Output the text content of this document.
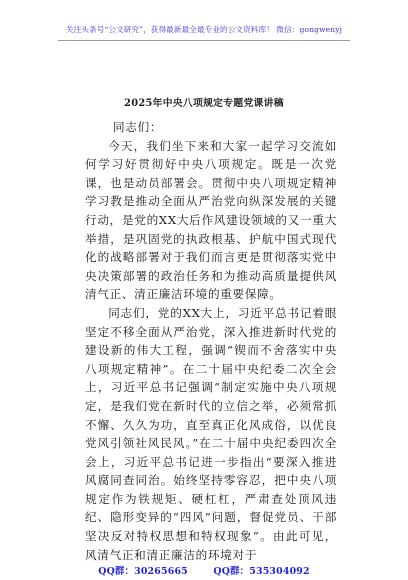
关注头条号“公文研究”，获得最新最全最专业的公文资料库！ 微信：gongwenyj
2025年中央八项规定专题党课讲稿

同志们：

今天，我们坐下来和大家一起学习交流如何学习好贯彻好中央八项规定。既是一次党课，也是动员部署会。贯彻中央八项规定精神学习教是推动全面从严治党向纵深发展的关键行动，是党的XX大后作风建设领域的又一重大举措，是巩固党的执政根基、护航中国式现代化的战略部署对于我们而言更是贯彻落实党中央决策部署的政治任务和为推动高质量提供风清气正、清正廉洁环境的重要保障。

同志们，党的XX大上，习近平总书记着眼坚定不移全面从严治党，深入推进新时代党的建设新的伟大工程，强调“锲而不舍落实中央八项规定精神”。在二十届中央纪委二次全会上，习近平总书记强调“制定实施中央八项规定，是我们党在新时代的立信之举，必须常抓不懈、久久为功，直至真正化风成俗，以优良党风引领社风民风。”在二十届中央纪委四次全会上，习近平总书记进一步指出“要深入推进风腐同查同治。始终坚持零容忍，把中央八项规定作为铁规矩、硬杠杠，严肃查处顶风违纪、隐形变异的“四风”问题，督促党员、干部坚决反对特权思想和特权现象”。由此可见，风清气正和清正廉洁的环境对于

QQ群：30265665	QQ群：535304092
